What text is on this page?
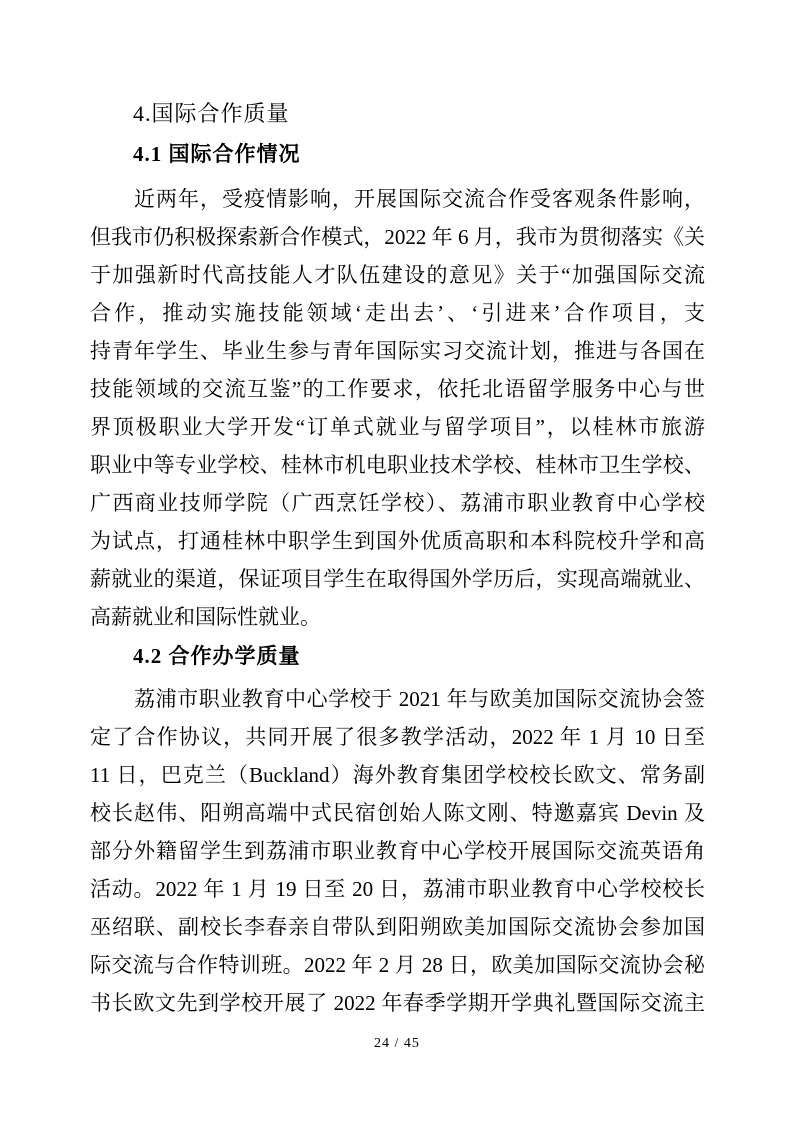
4.国际合作质量
4.1 国际合作情况
近两年，受疫情影响，开展国际交流合作受客观条件影响，
但我市仍积极探索新合作模式，2022 年 6 月，我市为贯彻落实《关
于加强新时代高技能人才队伍建设的意见》关于“加强国际交流
合作，推动实施技能领域‘走出去’、‘引进来’合作项目，支
持青年学生、毕业生参与青年国际实习交流计划，推进与各国在
技能领域的交流互鉴”的工作要求，依托北语留学服务中心与世
界顶极职业大学开发“订单式就业与留学项目”，以桂林市旅游
职业中等专业学校、桂林市机电职业技术学校、桂林市卫生学校、
广西商业技师学院（广西烹饪学校）、荔浦市职业教育中心学校
为试点，打通桂林中职学生到国外优质高职和本科院校升学和高
薪就业的渠道，保证项目学生在取得国外学历后，实现高端就业、
高薪就业和国际性就业。
4.2 合作办学质量
荔浦市职业教育中心学校于 2021 年与欧美加国际交流协会签
定了合作协议，共同开展了很多教学活动，2022 年 1 月 10 日至
11 日，巴克兰（Buckland）海外教育集团学校校长欧文、常务副
校长赵伟、阳朔高端中式民宿创始人陈文刚、特邀嘉宾 Devin 及
部分外籍留学生到荔浦市职业教育中心学校开展国际交流英语角
活动。2022 年 1 月 19 日至 20 日，荔浦市职业教育中心学校校长
巫绍联、副校长李春亲自带队到阳朔欧美加国际交流协会参加国
际交流与合作特训班。2022 年 2 月 28 日，欧美加国际交流协会秘
书长欧文先到学校开展了 2022 年春季学期开学典礼暨国际交流主
24 / 45
